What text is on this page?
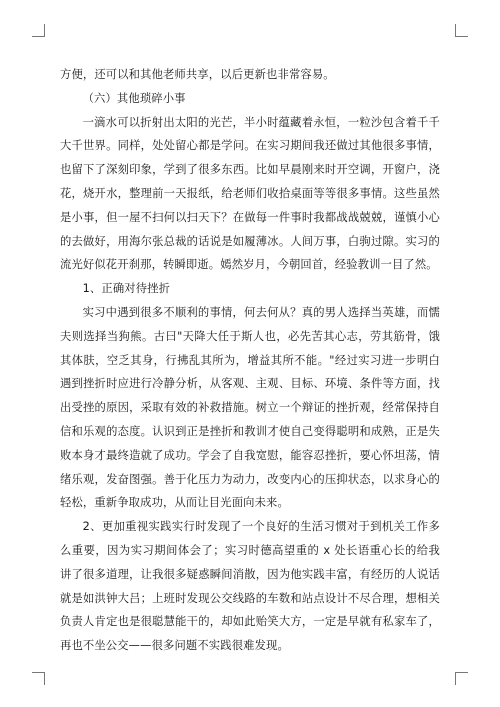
方便，还可以和其他老师共享，以后更新也非常容易。

（六）其他琐碎小事

一滴水可以折射出太阳的光芒，半小时蕴藏着永恒，一粒沙包含着千千大千世界。同样，处处留心都是学问。在实习期间我还做过其他很多事情，也留下了深刻印象，学到了很多东西。比如早晨刚来时开空调，开窗户，浇花，烧开水，整理前一天报纸，给老师们收拾桌面等等很多事情。这些虽然是小事，但一屋不扫何以扫天下？在做每一件事时我都战战兢兢，谨慎小心的去做好，用海尔张总裁的话说是如履薄冰。人间万事，白驹过隙。实习的流光好似花开刹那，转瞬即逝。嫣然岁月，今朝回首，经验教训一目了然。

1、正确对待挫折

实习中遇到很多不顺利的事情，何去何从？真的男人选择当英雄，而懦夫则选择当狗熊。古曰"天降大任于斯人也，必先苦其心志，劳其筋骨，饿其体肤，空乏其身，行拂乱其所为，增益其所不能。"经过实习进一步明白遇到挫折时应进行冷静分析，从客观、主观、目标、环境、条件等方面，找出受挫的原因，采取有效的补救措施。树立一个辩证的挫折观，经常保持自信和乐观的态度。认识到正是挫折和教训才使自己变得聪明和成熟，正是失败本身才最终造就了成功。学会了自我宽慰，能容忍挫折，要心怀坦荡，情绪乐观，发奋图强。善于化压力为动力，改变内心的压抑状态，以求身心的轻松，重新争取成功，从而让目光面向未来。

2、更加重视实践实行时发现了一个良好的生活习惯对于到机关工作多么重要，因为实习期间体会了；实习时德高望重的 x 处长语重心长的给我讲了很多道理，让我很多疑惑瞬间消散，因为他实践丰富，有经历的人说话就是如洪钟大吕；上班时发现公交线路的车数和站点设计不尽合理，想相关负责人肯定也是很聪慧能干的，却如此贻笑大方，一定是早就有私家车了，再也不坐公交——很多问题不实践很难发现。
